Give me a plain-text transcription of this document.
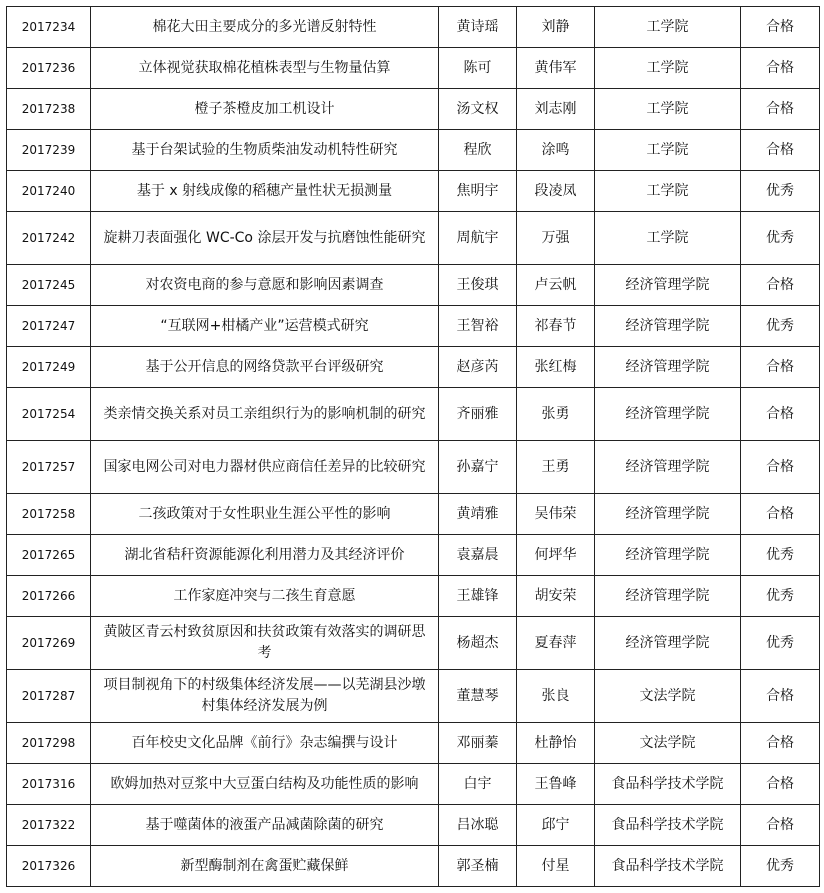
2017234	棉花大田主要成分的多光谱反射特性	黄诗瑶	刘静	工学院	合格
2017236	立体视觉获取棉花植株表型与生物量估算	陈可	黄伟军	工学院	合格
2017238	橙子茶橙皮加工机设计	汤文权	刘志刚	工学院	合格
2017239	基于台架试验的生物质柴油发动机特性研究	程欣	涂鸣	工学院	合格
2017240	基于 x 射线成像的稻穗产量性状无损测量	焦明宇	段凌凤	工学院	优秀
2017242	旋耕刀表面强化 WC-Co 涂层开发与抗磨蚀性能研究	周航宇	万强	工学院	优秀
2017245	对农资电商的参与意愿和影响因素调查	王俊琪	卢云帆	经济管理学院	合格
2017247	“互联网+柑橘产业”运营模式研究	王智裕	祁春节	经济管理学院	优秀
2017249	基于公开信息的网络贷款平台评级研究	赵彦芮	张红梅	经济管理学院	合格
2017254	类亲情交换关系对员工亲组织行为的影响机制的研究	齐丽雅	张勇	经济管理学院	合格
2017257	国家电网公司对电力器材供应商信任差异的比较研究	孙嘉宁	王勇	经济管理学院	合格
2017258	二孩政策对于女性职业生涯公平性的影响	黄靖雅	吴伟荣	经济管理学院	合格
2017265	湖北省秸秆资源能源化利用潜力及其经济评价	袁嘉晨	何坪华	经济管理学院	优秀
2017266	工作家庭冲突与二孩生育意愿	王雄锋	胡安荣	经济管理学院	优秀
2017269	黄陂区青云村致贫原因和扶贫政策有效落实的调研思考	杨超杰	夏春萍	经济管理学院	优秀
2017287	项目制视角下的村级集体经济发展——以芜湖县沙墩村集体经济发展为例	董慧琴	张良	文法学院	合格
2017298	百年校史文化品牌《前行》杂志编撰与设计	邓丽蓁	杜静怡	文法学院	合格
2017316	欧姆加热对豆浆中大豆蛋白结构及功能性质的影响	白宇	王鲁峰	食品科学技术学院	合格
2017322	基于噬菌体的液蛋产品减菌除菌的研究	吕冰聪	邱宁	食品科学技术学院	合格
2017326	新型酶制剂在禽蛋贮藏保鲜	郭圣楠	付星	食品科学技术学院	优秀
